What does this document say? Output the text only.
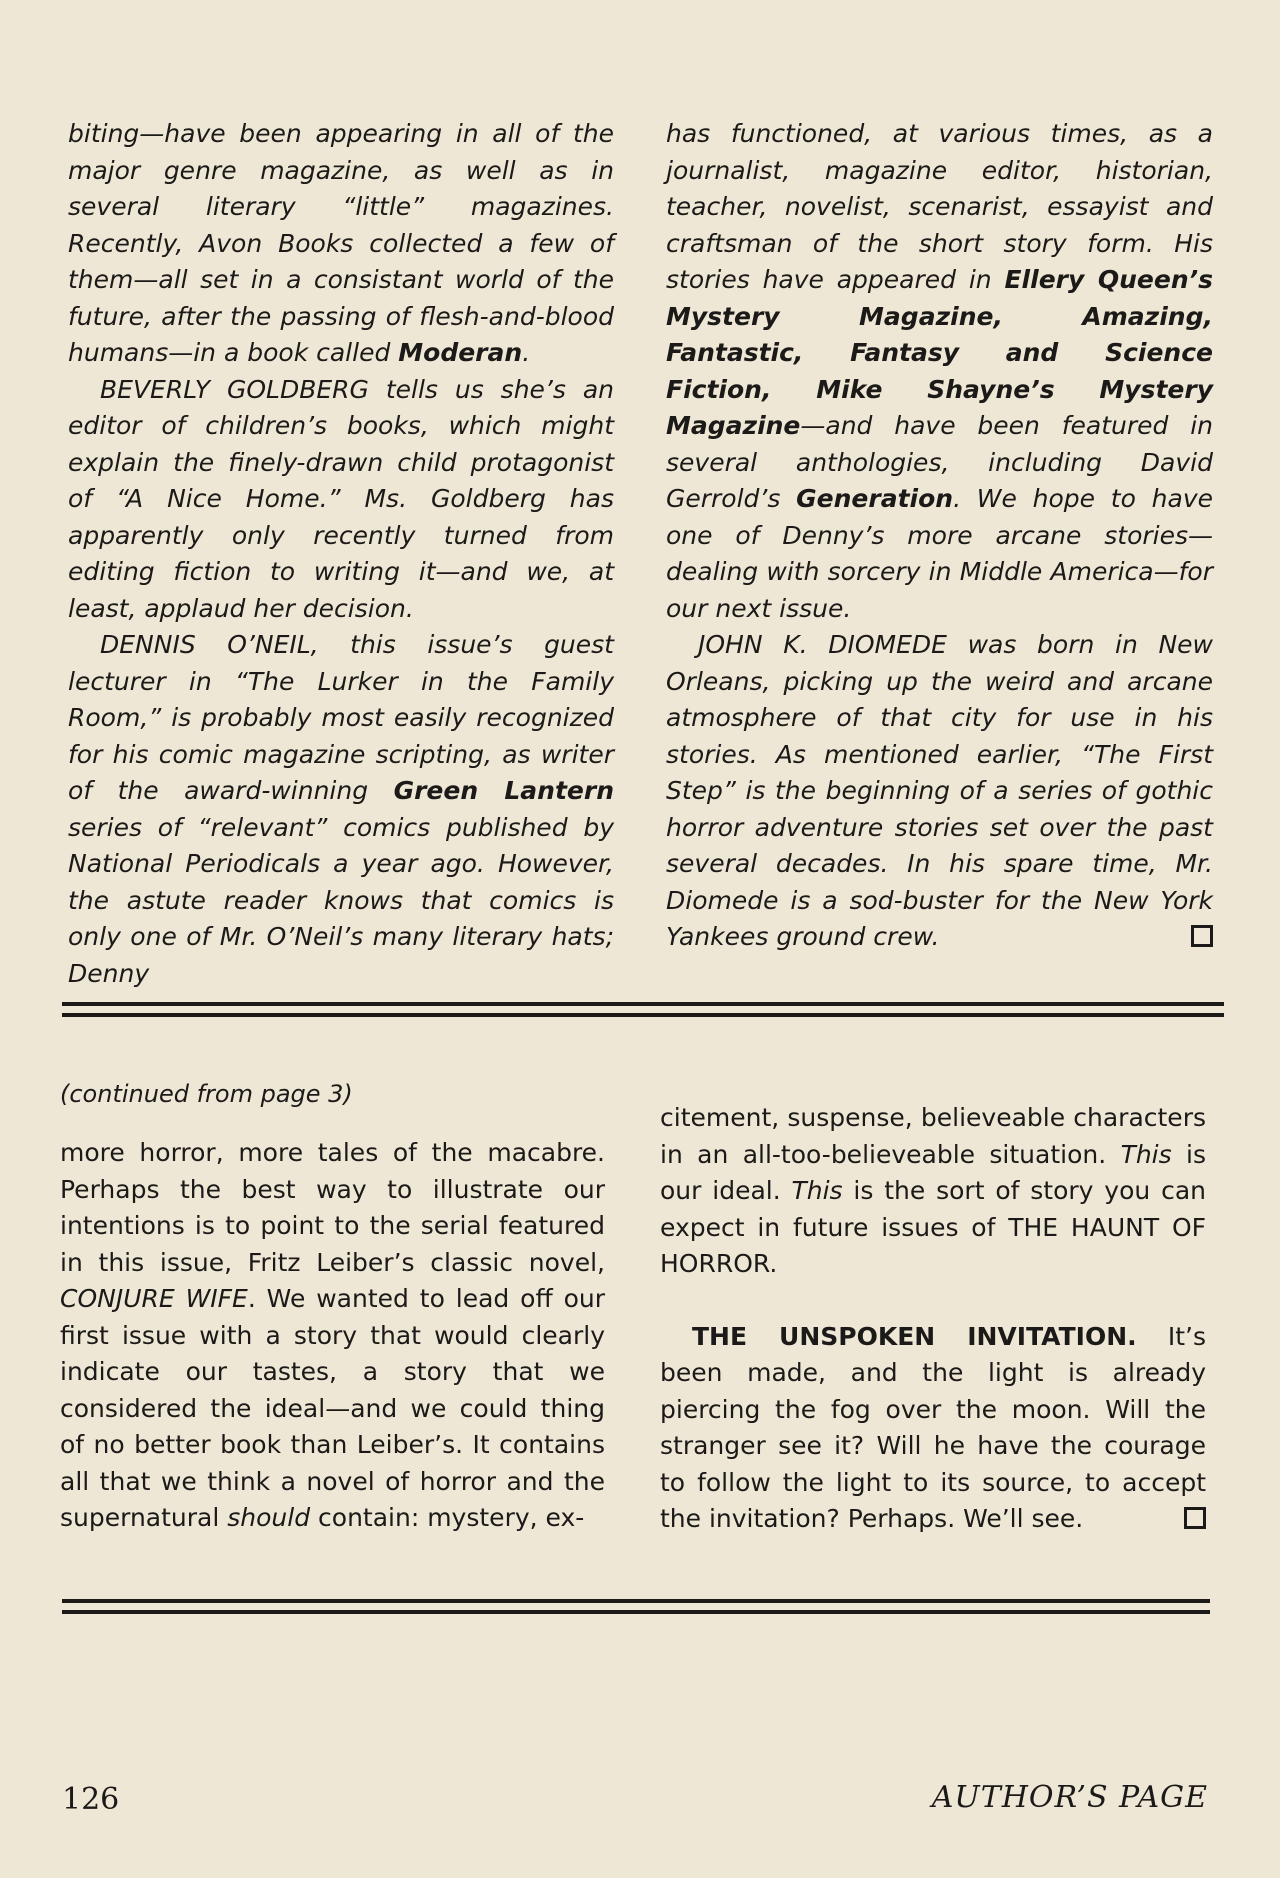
biting—have been appearing in all of the major genre magazine, as well as in several literary “little” magazines. Recently, Avon Books collected a few of them—all set in a consistant world of the future, after the passing of flesh-and-blood humans—in a book called Moderan.

BEVERLY GOLDBERG tells us she’s an editor of children’s books, which might explain the finely-drawn child protagonist of “A Nice Home.” Ms. Goldberg has apparently only recently turned from editing fiction to writing it—and we, at least, applaud her decision.

DENNIS O’NEIL, this issue’s guest lecturer in “The Lurker in the Family Room,” is probably most easily recognized for his comic magazine scripting, as writer of the award-winning Green Lantern series of “relevant” comics published by National Periodicals a year ago. However, the astute reader knows that comics is only one of Mr. O’Neil’s many literary hats; Denny

has functioned, at various times, as a journalist, magazine editor, historian, teacher, novelist, scenarist, essayist and craftsman of the short story form. His stories have appeared in Ellery Queen’s Mystery Magazine, Amazing, Fantastic, Fantasy and Science Fiction, Mike Shayne’s Mystery Magazine—and have been featured in several anthologies, including David Gerrold’s Generation. We hope to have one of Denny’s more arcane stories—dealing with sorcery in Middle America—for our next issue.

JOHN K. DIOMEDE was born in New Orleans, picking up the weird and arcane atmosphere of that city for use in his stories. As mentioned earlier, “The First Step” is the beginning of a series of gothic horror adventure stories set over the past several decades. In his spare time, Mr. Diomede is a sod-buster for the New York Yankees ground crew.

(continued from page 3)

more horror, more tales of the macabre. Perhaps the best way to illustrate our intentions is to point to the serial featured in this issue, Fritz Leiber’s classic novel, CONJURE WIFE. We wanted to lead off our first issue with a story that would clearly indicate our tastes, a story that we considered the ideal—and we could thing of no better book than Leiber’s. It contains all that we think a novel of horror and the supernatural should contain: mystery, ex-

citement, suspense, believeable characters in an all-too-believeable situation. This is our ideal. This is the sort of story you can expect in future issues of THE HAUNT OF HORROR.

THE UNSPOKEN INVITATION. It’s been made, and the light is already piercing the fog over the moon. Will the stranger see it? Will he have the courage to follow the light to its source, to accept the invitation? Perhaps. We’ll see.

126	AUTHOR’S PAGE
